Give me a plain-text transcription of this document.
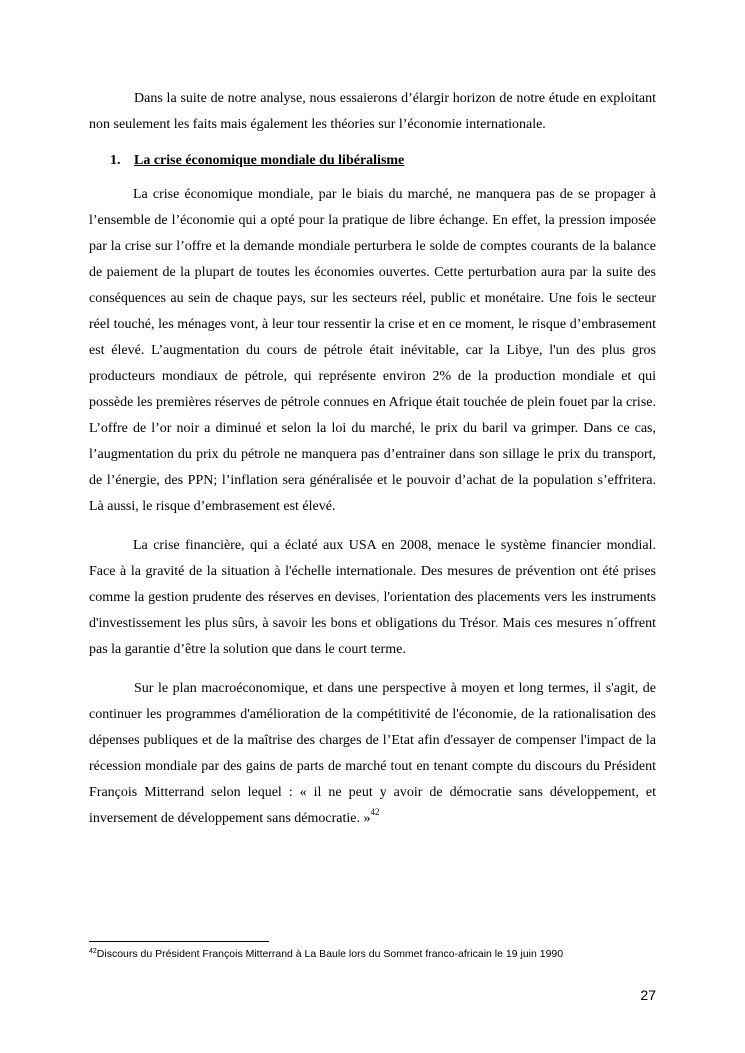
Dans la suite de notre analyse, nous essaierons d’élargir horizon de notre étude en exploitant non seulement les faits mais également les théories sur l’économie internationale.

1. La crise économique mondiale du libéralisme

La crise économique mondiale, par le biais du marché, ne manquera pas de se propager à l’ensemble de l’économie qui a opté pour la pratique de libre échange. En effet, la pression imposée par la crise sur l’offre et la demande mondiale perturbera le solde de comptes courants de la balance de paiement de la plupart de toutes les économies ouvertes. Cette perturbation aura par la suite des conséquences au sein de chaque pays, sur les secteurs réel, public et monétaire. Une fois le secteur réel touché, les ménages vont, à leur tour ressentir la crise et en ce moment, le risque d’embrasement est élevé. L’augmentation du cours de pétrole était inévitable, car la Libye, l'un des plus gros producteurs mondiaux de pétrole, qui représente environ 2% de la production mondiale et qui possède les premières réserves de pétrole connues en Afrique était touchée de plein fouet par la crise. L’offre de l’or noir a diminué et selon la loi du marché, le prix du baril va grimper. Dans ce cas, l’augmentation du prix du pétrole ne manquera pas d’entrainer dans son sillage le prix du transport, de l’énergie, des PPN; l’inflation sera généralisée et le pouvoir d’achat de la population s’effritera. Là aussi, le risque d’embrasement est élevé.

La crise financière, qui a éclaté aux USA en 2008, menace le système financier mondial. Face à la gravité de la situation à l'échelle internationale. Des mesures de prévention ont été prises comme la gestion prudente des réserves en devises, l'orientation des placements vers les instruments d'investissement les plus sûrs, à savoir les bons et obligations du Trésor. Mais ces mesures n´offrent pas la garantie d’être la solution que dans le court terme.

Sur le plan macroéconomique, et dans une perspective à moyen et long termes, il s'agit, de continuer les programmes d'amélioration de la compétitivité de l'économie, de la rationalisation des dépenses publiques et de la maîtrise des charges de l’Etat afin d'essayer de compenser l'impact de la récession mondiale par des gains de parts de marché tout en tenant compte du discours du Président François Mitterrand selon lequel : « il ne peut y avoir de démocratie sans développement, et inversement de développement sans démocratie. »$^{42}$

$^{42}$Discours du Président François Mitterrand à La Baule lors du Sommet franco-africain le 19 juin 1990
27
